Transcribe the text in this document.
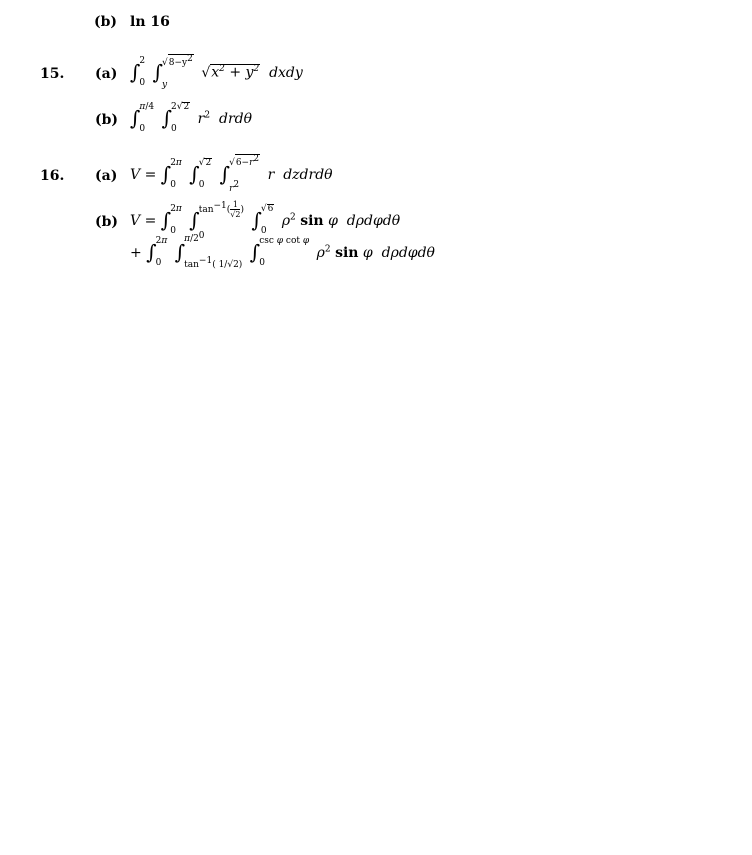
(b) ln 16
15. (a) ∫ 2
0 ∫ √8−y2
y
$√x^2 + y^2$ dxdy
(b) ∫ π/4
0 ∫ 2√2
0
$r^2$ drdθ
16. (a) V = ∫ 2π
0 ∫ √2
0 ∫ √6−r2
r2
r dzdrdθ
(b) V = ∫ 2π
0 ∫ $\tan-1( \frac{1}{√2}$ )
0
∫ √6
0
$\rho^2$ sin φ dρdφdθ
+ ∫ 2π
0 ∫
π/2
tan−1( 1/√2)
∫ csc φ cot φ
0
$\rho^2$ sin φ dρdφdθ
